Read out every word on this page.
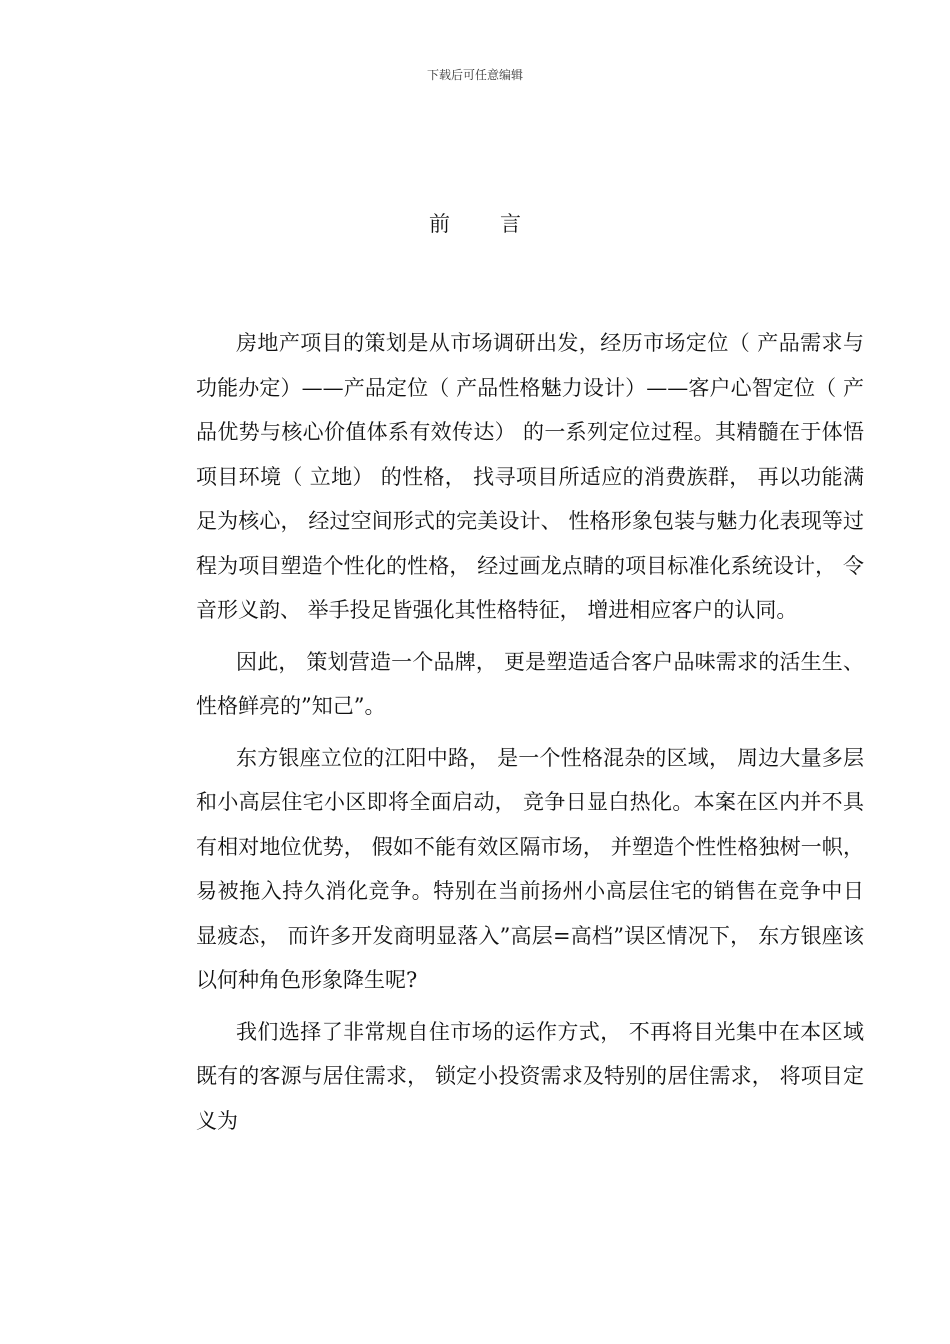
下载后可任意编辑
前 言

房地产项目的策划是从市场调研出发，经历市场定位（ 产品需求与功能办定）——产品定位（ 产品性格魅力设计）——客户心智定位（ 产品优势与核心价值体系有效传达） 的一系列定位过程。其精髓在于体悟项目环境（ 立地） 的性格， 找寻项目所适应的消费族群， 再以功能满足为核心， 经过空间形式的完美设计、 性格形象包装与魅力化表现等过程为项目塑造个性化的性格， 经过画龙点睛的项目标准化系统设计， 令音形义韵、 举手投足皆强化其性格特征， 增进相应客户的认同。

因此， 策划营造一个品牌， 更是塑造适合客户品味需求的活生生、 性格鲜亮的”知己”。

东方银座立位的江阳中路， 是一个性格混杂的区域， 周边大量多层和小高层住宅小区即将全面启动， 竞争日显白热化。本案在区内并不具有相对地位优势， 假如不能有效区隔市场， 并塑造个性性格独树一帜， 易被拖入持久消化竞争。特别在当前扬州小高层住宅的销售在竞争中日显疲态， 而许多开发商明显落入”高层=高档”误区情况下， 东方银座该以何种角色形象降生呢?

我们选择了非常规自住市场的运作方式， 不再将目光集中在本区域既有的客源与居住需求， 锁定小投资需求及特别的居住需求， 将项目定义为
